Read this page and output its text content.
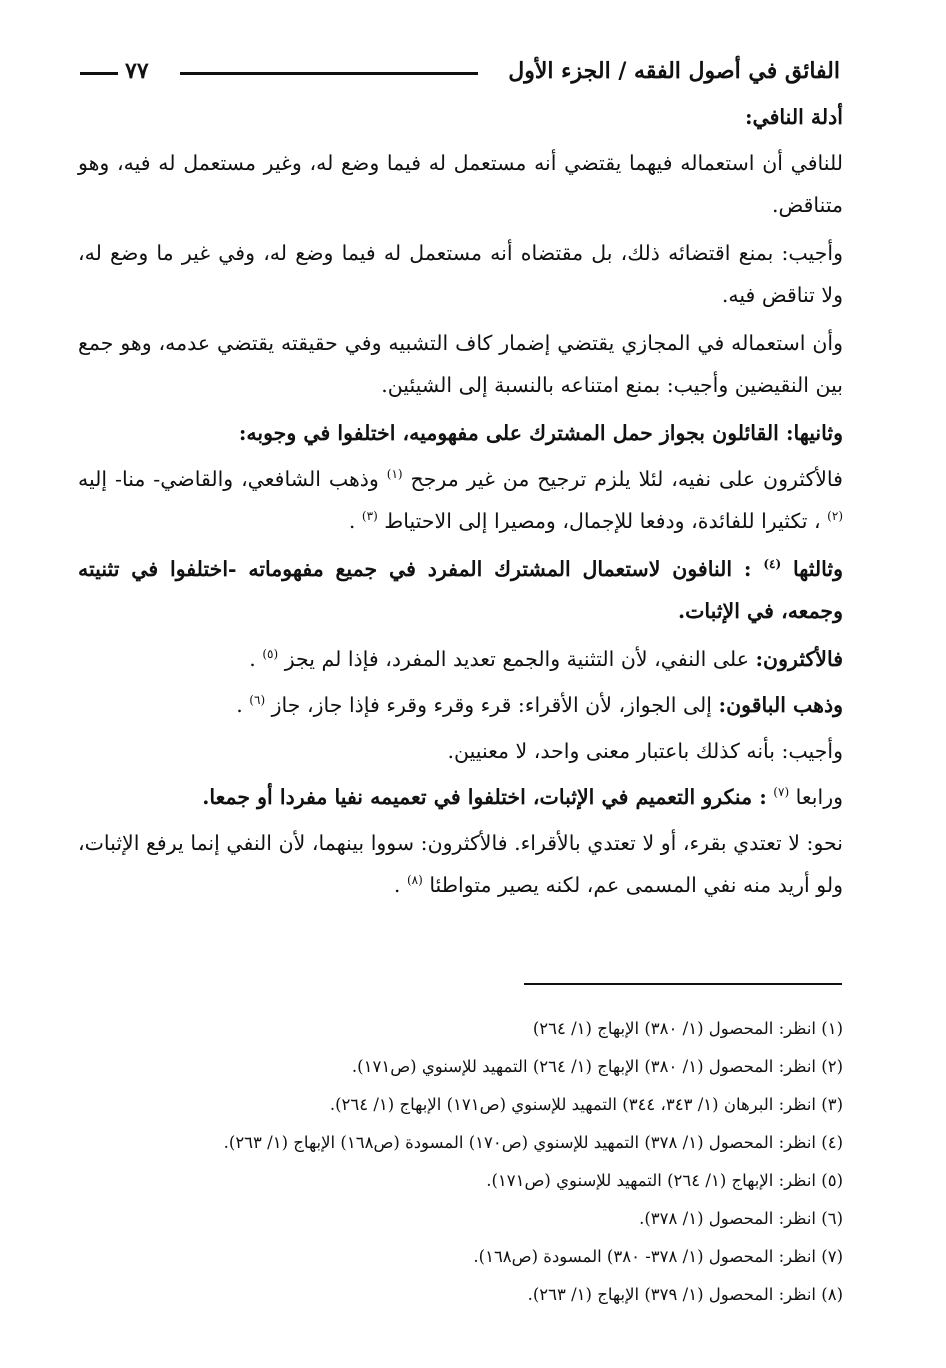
الفائق في أصول الفقه / الجزء الأول
٧٧

أدلة النافي:

للنافي أن استعماله فيهما يقتضي أنه مستعمل له فيما وضع له، وغير مستعمل له فيه، وهو متناقض.

وأجيب: بمنع اقتضائه ذلك، بل مقتضاه أنه مستعمل له فيما وضع له، وفي غير ما وضع له، ولا تناقض فيه.

وأن استعماله في المجازي يقتضي إضمار كاف التشبيه وفي حقيقته يقتضي عدمه، وهو جمع بين النقيضين وأجيب: بمنع امتناعه بالنسبة إلى الشيئين.

وثانيها: القائلون بجواز حمل المشترك على مفهوميه، اختلفوا في وجوبه:

فالأكثرون على نفيه، لئلا يلزم ترجيح من غير مرجح $^{(١)}$ وذهب الشافعي، والقاضي- منا- إليه $^{(٢)}$ ، تكثيرا للفائدة، ودفعا للإجمال، ومصيرا إلى الاحتياط $^{(٣)}$ .

وثالثها $^{(٤)}$ : النافون لاستعمال المشترك المفرد في جميع مفهوماته -اختلفوا في تثنيته وجمعه، في الإثبات.

فالأكثرون: على النفي، لأن التثنية والجمع تعديد المفرد، فإذا لم يجز $^{(٥)}$ .

وذهب الباقون: إلى الجواز، لأن الأقراء: قرء وقرء وقرء فإذا جاز، جاز $^{(٦)}$ .

وأجيب: بأنه كذلك باعتبار معنى واحد، لا معنيين.

ورابعا $^{(٧)}$ : منكرو التعميم في الإثبات، اختلفوا في تعميمه نفيا مفردا أو جمعا.

نحو: لا تعتدي بقرء، أو لا تعتدي بالأقراء. فالأكثرون: سووا بينهما، لأن النفي إنما يرفع الإثبات، ولو أريد منه نفي المسمى عم، لكنه يصير متواطئا $^{(٨)}$ .

(١) انظر: المحصول (١/ ٣٨٠) الإبهاج (١/ ٢٦٤)
(٢) انظر: المحصول (١/ ٣٨٠) الإبهاج (١/ ٢٦٤) التمهيد للإسنوي (ص١٧١).
(٣) انظر: البرهان (١/ ٣٤٣، ٣٤٤) التمهيد للإسنوي (ص١٧١) الإبهاج (١/ ٢٦٤).
(٤) انظر: المحصول (١/ ٣٧٨) التمهيد للإسنوي (ص١٧٠) المسودة (ص١٦٨) الإبهاج (١/ ٢٦٣).
(٥) انظر: الإبهاج (١/ ٢٦٤) التمهيد للإسنوي (ص١٧١).
(٦) انظر: المحصول (١/ ٣٧٨).
(٧) انظر: المحصول (١/ ٣٧٨- ٣٨٠) المسودة (ص١٦٨).
(٨) انظر: المحصول (١/ ٣٧٩) الإبهاج (١/ ٢٦٣).
